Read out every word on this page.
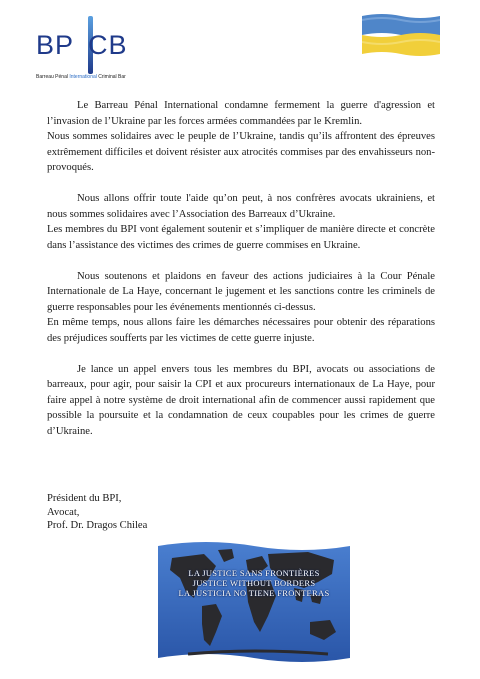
BP CB
Barreau Pénal International Criminal Bar

Le Barreau Pénal International condamne fermement la guerre d'agression et l’invasion de l’Ukraine par les forces armées commandées par le Kremlin.

Nous sommes solidaires avec le peuple de l’Ukraine, tandis qu’ils affrontent des épreuves extrêmement difficiles et doivent résister aux atrocités commises par des envahisseurs non-provoqués.

Nous allons offrir toute l'aide qu’on peut, à nos confrères avocats ukrainiens, et nous sommes solidaires avec l’Association des Barreaux d’Ukraine.

Les membres du BPI vont également soutenir et s’impliquer de manière directe et concrète dans l’assistance des victimes des crimes de guerre commises en Ukraine.

Nous soutenons et plaidons en faveur des actions judiciaires à la Cour Pénale Internationale de La Haye, concernant le jugement et les sanctions contre les criminels de guerre responsables pour les événements mentionnés ci-dessus.

En même temps, nous allons faire les démarches nécessaires pour obtenir des réparations des préjudices soufferts par les victimes de cette guerre injuste.

Je lance un appel envers tous les membres du BPI, avocats ou associations de barreaux, pour agir, pour saisir la CPI et aux procureurs internationaux de La Haye, pour faire appel à notre système de droit international afin de commencer aussi rapidement que possible la poursuite et la condamnation de ceux coupables pour les crimes de guerre d’Ukraine.

Président du BPI,
Avocat,
Prof. Dr. Dragos Chilea
LA JUSTICE SANS FRONTIÈRES
JUSTICE WITHOUT BORDERS
LA JUSTICIA NO TIENE FRONTERAS
